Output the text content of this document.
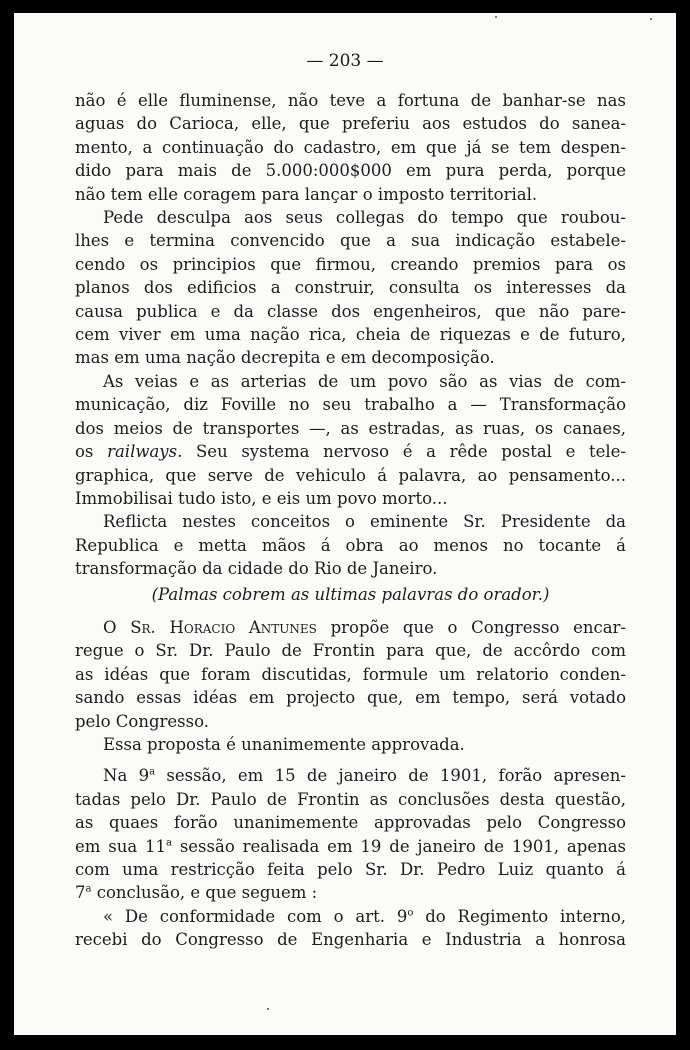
— 203 —

não é elle fluminense, não teve a fortuna de banhar-se nas

aguas do Carioca, elle, que preferiu aos estudos do sanea-

mento, a continuação do cadastro, em que já se tem despen-

dido para mais de 5.000:000$000 em pura perda, porque

não tem elle coragem para lançar o imposto territorial.

Pede desculpa aos seus collegas do tempo que roubou-

lhes e termina convencido que a sua indicação estabele-

cendo os principios que firmou, creando premios para os

planos dos edificios a construir, consulta os interesses da

causa publica e da classe dos engenheiros, que não pare-

cem viver em uma nação rica, cheia de riquezas e de futuro,

mas em uma nação decrepita e em decomposição.

As veias e as arterias de um povo são as vias de com-

municação, diz Foville no seu trabalho a — Transformação

dos meios de transportes —, as estradas, as ruas, os canaes,

os railways. Seu systema nervoso é a rêde postal e tele-

graphica, que serve de vehiculo á palavra, ao pensamento...

Immobilisai tudo isto, e eis um povo morto...

Reflicta nestes conceitos o eminente Sr. Presidente da

Republica e metta mãos á obra ao menos no tocante á

transformação da cidade do Rio de Janeiro.

(Palmas cobrem as ultimas palavras do orador.)

O Sr. Horacio Antunes propõe que o Congresso encar-

regue o Sr. Dr. Paulo de Frontin para que, de accôrdo com

as idéas que foram discutidas, formule um relatorio conden-

sando essas idéas em projecto que, em tempo, será votado

pelo Congresso.

Essa proposta é unanimemente approvada.

Na 9$^a$ sessão, em 15 de janeiro de 1901, forão apresen-

tadas pelo Dr. Paulo de Frontin as conclusões desta questão,

as quaes forão unanimemente approvadas pelo Congresso

em sua 11$^a$ sessão realisada em 19 de janeiro de 1901, apenas

com uma restricção feita pelo Sr. Dr. Pedro Luiz quanto á

7$^a$ conclusão, e que seguem :

« De conformidade com o art. 9$^o$ do Regimento interno,

recebi do Congresso de Engenharia e Industria a honrosa
